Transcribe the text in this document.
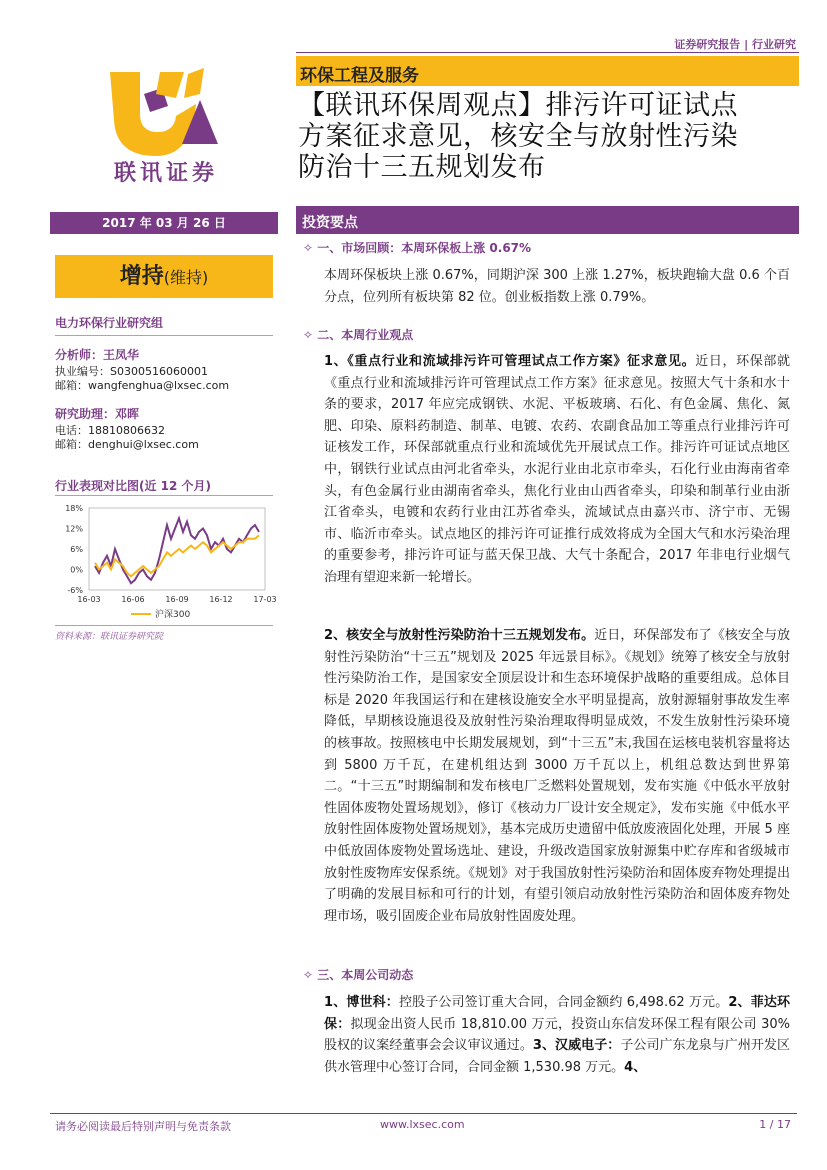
证券研究报告 | 行业研究
联讯证券
环保工程及服务
【联讯环保周观点】排污许可证试点
方案征求意见，核安全与放射性污染
防治十三五规划发布
2017 年 03 月 26 日	投资要点
增持(维持)
电力环保行业研究组
分析师：王凤华
执业编号：S0300516060001
邮箱：wangfenghua@lxsec.com
研究助理：邓晖
电话：18810806632
邮箱：denghui@lxsec.com
行业表现对比图(近 12 个月)
18%
12%
6%
0%
-6%
16-03	16-06	16-09	16-12	17-03
沪深300
资料来源：联讯证券研究院
✧ 一、市场回顾：本周环保板上涨 0.67%
本周环保板块上涨 0.67%，同期沪深 300 上涨 1.27%，板块跑输大盘 0.6 个百分点，位列所有板块第 82 位。创业板指数上涨 0.79%。
✧ 二、本周行业观点
1、《重点行业和流域排污许可管理试点工作方案》征求意见。近日，环保部就《重点行业和流域排污许可管理试点工作方案》征求意见。按照大气十条和水十条的要求，2017 年应完成钢铁、水泥、平板玻璃、石化、有色金属、焦化、氮肥、印染、原料药制造、制革、电镀、农药、农副食品加工等重点行业排污许可证核发工作，环保部就重点行业和流域优先开展试点工作。排污许可证试点地区中，钢铁行业试点由河北省牵头，水泥行业由北京市牵头，石化行业由海南省牵头，有色金属行业由湖南省牵头，焦化行业由山西省牵头，印染和制革行业由浙江省牵头，电镀和农药行业由江苏省牵头，流域试点由嘉兴市、济宁市、无锡市、临沂市牵头。试点地区的排污许可证推行成效将成为全国大气和水污染治理的重要参考，排污许可证与蓝天保卫战、大气十条配合，2017 年非电行业烟气治理有望迎来新一轮增长。
2、核安全与放射性污染防治十三五规划发布。近日，环保部发布了《核安全与放射性污染防治“十三五”规划及 2025 年远景目标》。《规划》统筹了核安全与放射性污染防治工作，是国家安全顶层设计和生态环境保护战略的重要组成。总体目标是 2020 年我国运行和在建核设施安全水平明显提高，放射源辐射事故发生率降低，早期核设施退役及放射性污染治理取得明显成效，不发生放射性污染环境的核事故。按照核电中长期发展规划，到“十三五”末,我国在运核电装机容量将达到 5800 万千瓦，在建机组达到 3000 万千瓦以上，机组总数达到世界第二。“十三五”时期编制和发布核电厂乏燃料处置规划，发布实施《中低水平放射性固体废物处置场规划》，修订《核动力厂设计安全规定》，发布实施《中低水平放射性固体废物处置场规划》，基本完成历史遗留中低放废液固化处理，开展 5 座中低放固体废物处置场选址、建设，升级改造国家放射源集中贮存库和省级城市放射性废物库安保系统。《规划》对于我国放射性污染防治和固体废弃物处理提出了明确的发展目标和可行的计划，有望引领启动放射性污染防治和固体废弃物处理市场，吸引固废企业布局放射性固废处理。
✧ 三、本周公司动态
1、博世科：控股子公司签订重大合同，合同金额约 6,498.62 万元。2、菲达环保：拟现金出资人民币 18,810.00 万元，投资山东信发环保工程有限公司 30%股权的议案经董事会会议审议通过。3、汉威电子：子公司广东龙泉与广州开发区供水管理中心签订合同，合同金额 1,530.98 万元。4、
请务必阅读最后特别声明与免责条款	www.lxsec.com	1 / 17
